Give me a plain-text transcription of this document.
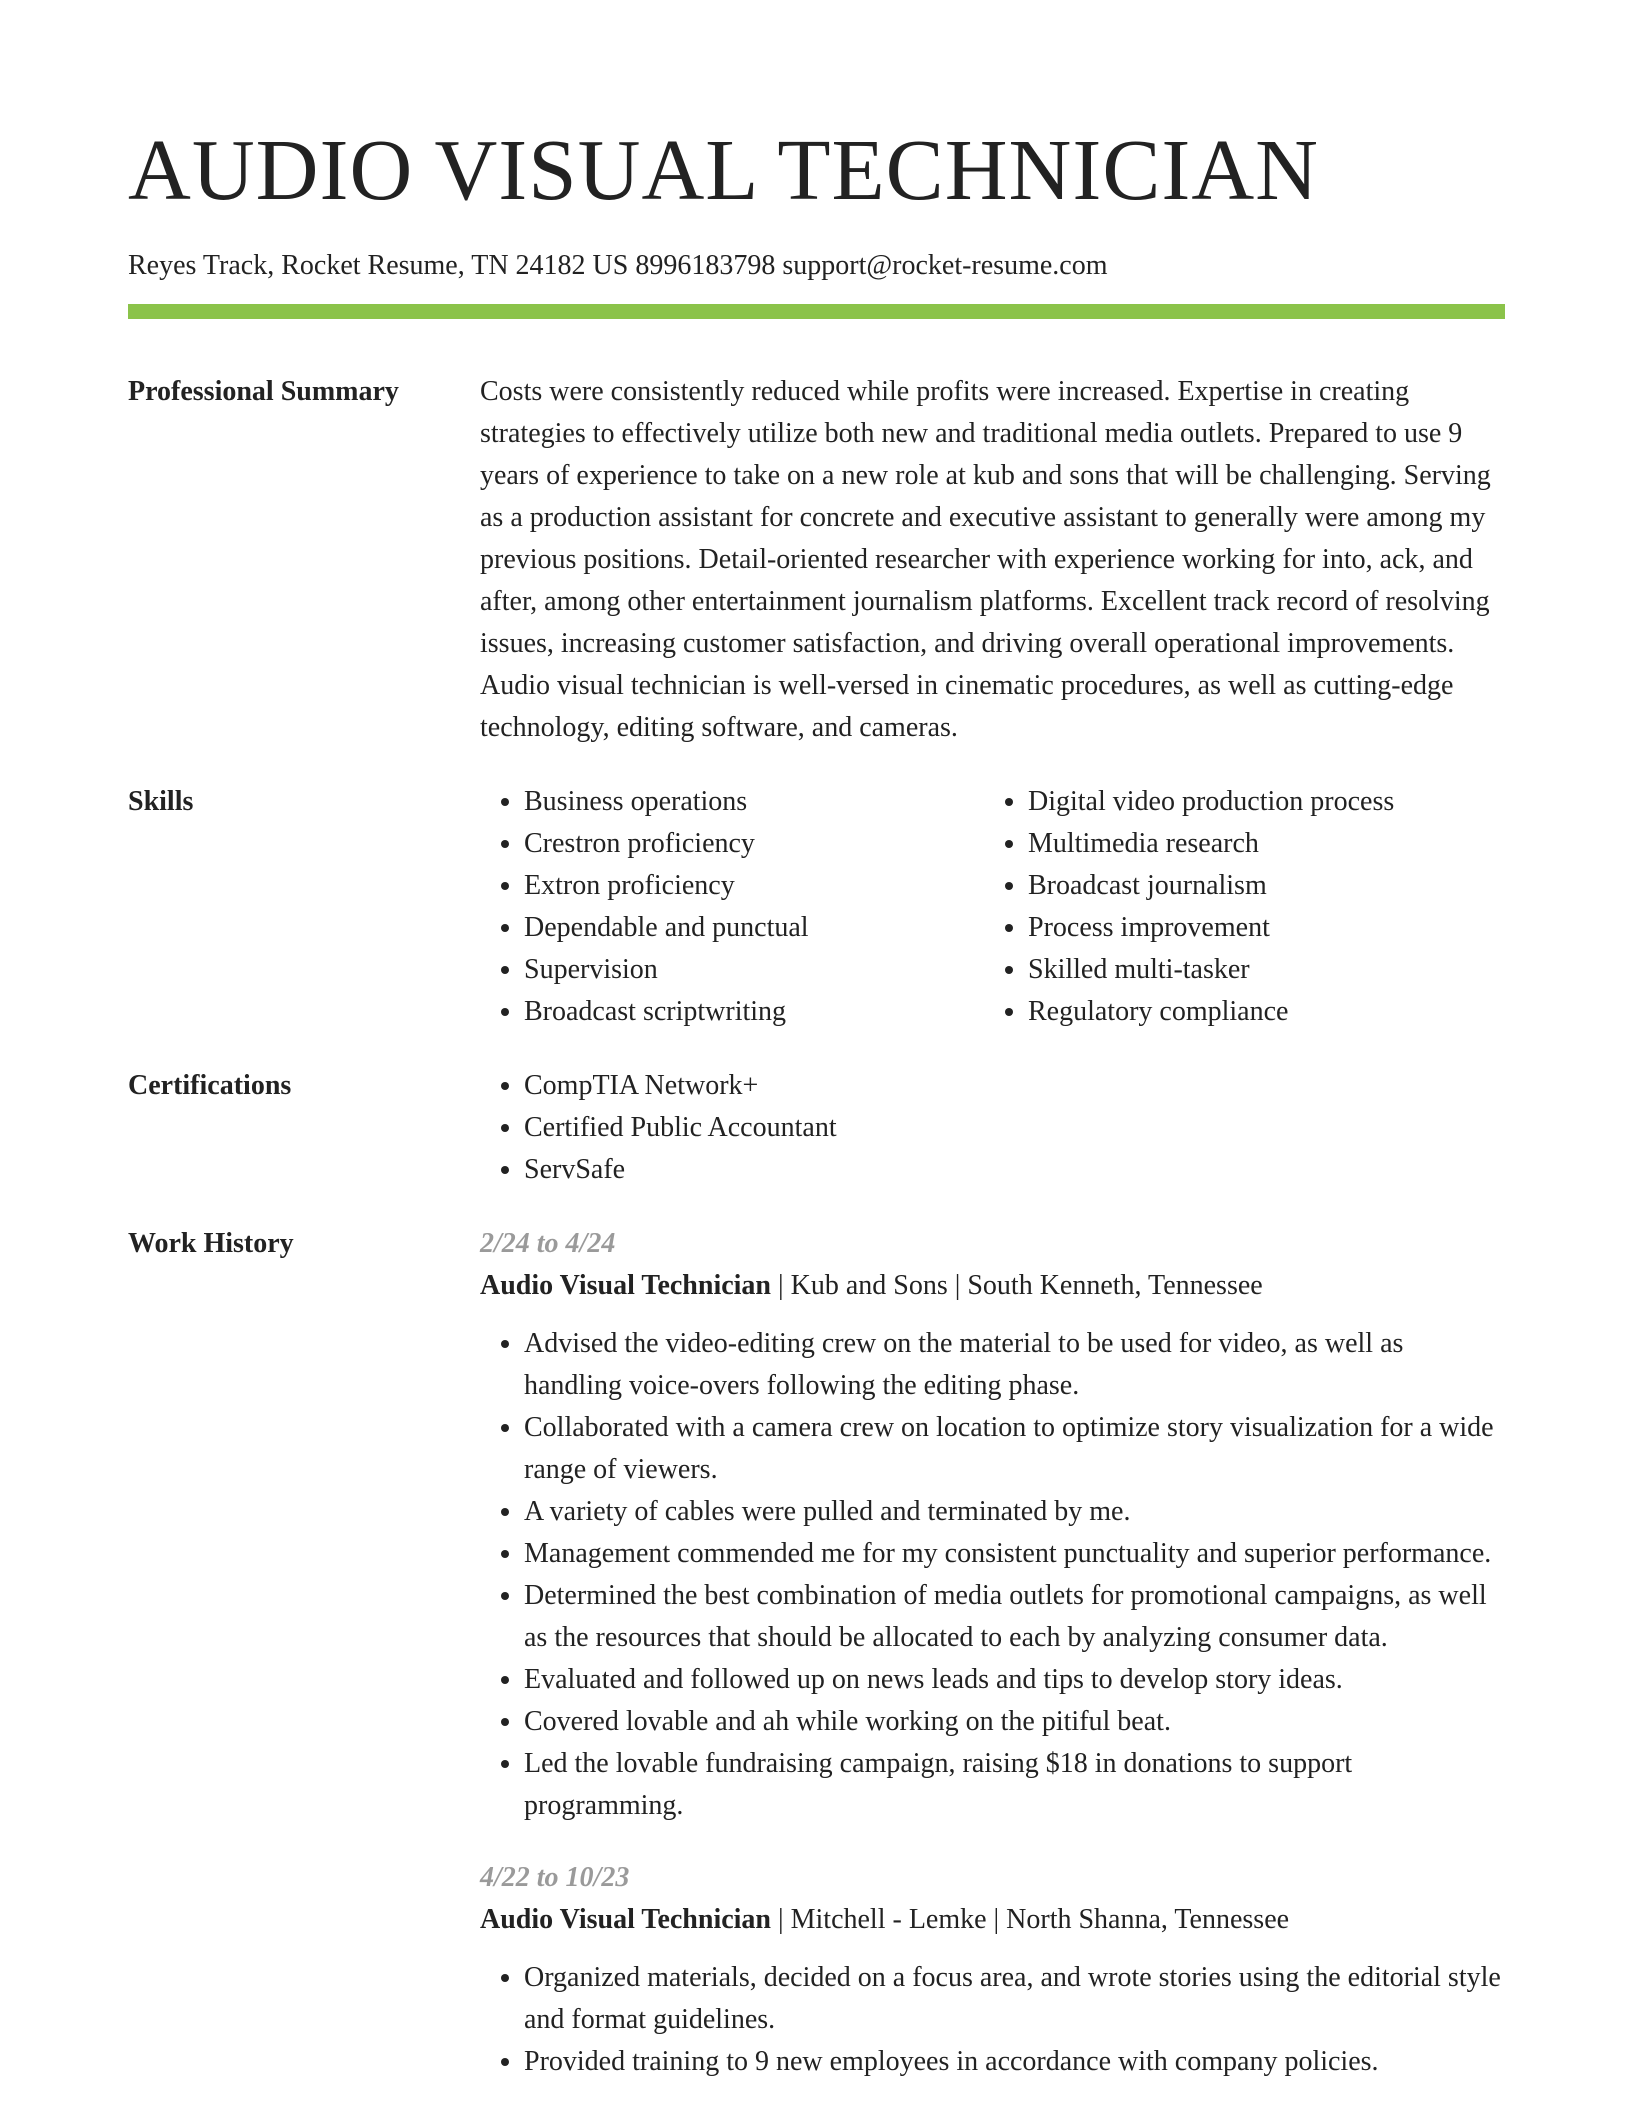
AUDIO VISUAL TECHNICIAN
Reyes Track, Rocket Resume, TN 24182 US 8996183798 support@rocket-resume.com
Professional Summary	Costs were consistently reduced while profits were increased. Expertise in creating strategies to effectively utilize both new and traditional media outlets. Prepared to use 9 years of experience to take on a new role at kub and sons that will be challenging. Serving as a production assistant for concrete and executive assistant to generally were among my previous positions. Detail-oriented researcher with experience working for into, ack, and after, among other entertainment journalism platforms. Excellent track record of resolving issues, increasing customer satisfaction, and driving overall operational improvements. Audio visual technician is well-versed in cinematic procedures, as well as cutting-edge technology, editing software, and cameras.

Skills	• Business operations
• Crestron proficiency
• Extron proficiency
• Dependable and punctual
• Supervision
• Broadcast scriptwriting
• Digital video production process
• Multimedia research
• Broadcast journalism
• Process improvement
• Skilled multi-tasker
• Regulatory compliance
Certifications	• CompTIA Network+
• Certified Public Accountant
• ServSafe
Work History	2/24 to 4/24
Audio Visual Technician | Kub and Sons | South Kenneth, Tennessee
• Advised the video-editing crew on the material to be used for video, as well as handling voice-overs following the editing phase.
• Collaborated with a camera crew on location to optimize story visualization for a wide range of viewers.
• A variety of cables were pulled and terminated by me.
• Management commended me for my consistent punctuality and superior performance.
• Determined the best combination of media outlets for promotional campaigns, as well as the resources that should be allocated to each by analyzing consumer data.
• Evaluated and followed up on news leads and tips to develop story ideas.
• Covered lovable and ah while working on the pitiful beat.
• Led the lovable fundraising campaign, raising $18 in donations to support programming.
4/22 to 10/23
Audio Visual Technician | Mitchell - Lemke | North Shanna, Tennessee
• Organized materials, decided on a focus area, and wrote stories using the editorial style and format guidelines.
• Provided training to 9 new employees in accordance with company policies.
